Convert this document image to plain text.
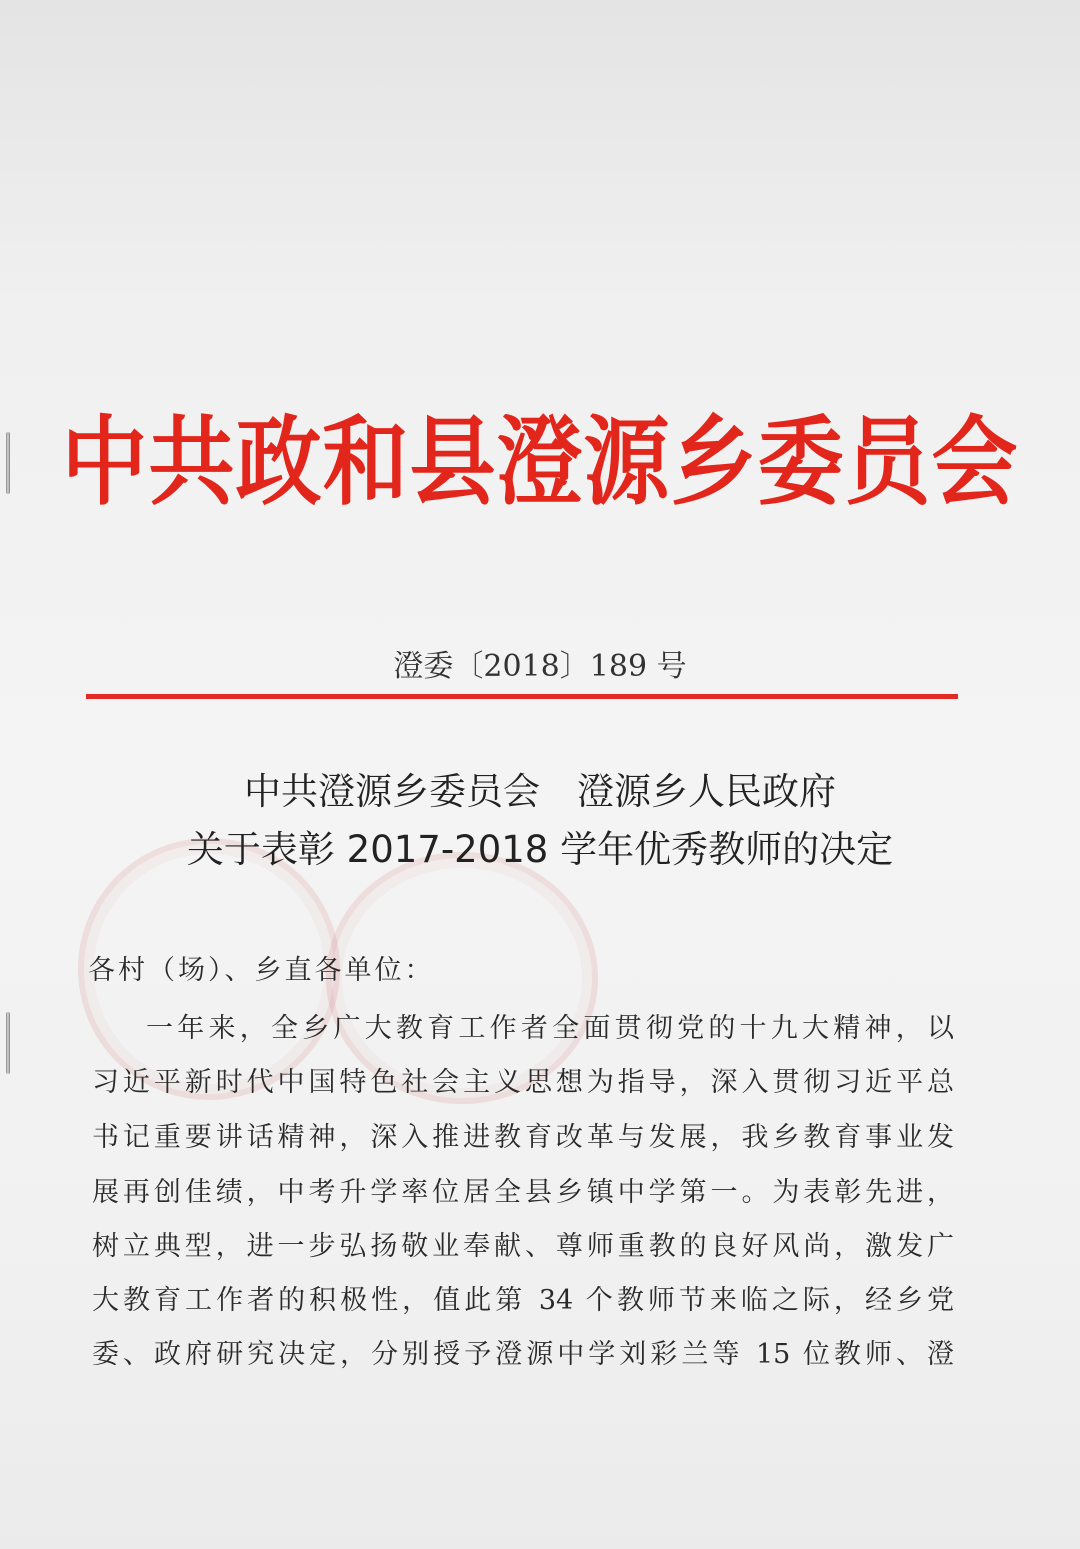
中共政和县澄源乡委员会
澄委〔2018〕189 号
中共澄源乡委员会　澄源乡人民政府
关于表彰 2017-2018 学年优秀教师的决定
各村（场）、乡直各单位：
一年来，全乡广大教育工作者全面贯彻党的十九大精神，以
习近平新时代中国特色社会主义思想为指导，深入贯彻习近平总
书记重要讲话精神，深入推进教育改革与发展，我乡教育事业发
展再创佳绩，中考升学率位居全县乡镇中学第一。为表彰先进，
树立典型，进一步弘扬敬业奉献、尊师重教的良好风尚，激发广
大教育工作者的积极性，值此第 34 个教师节来临之际，经乡党
委、政府研究决定，分别授予澄源中学刘彩兰等 15 位教师、澄
